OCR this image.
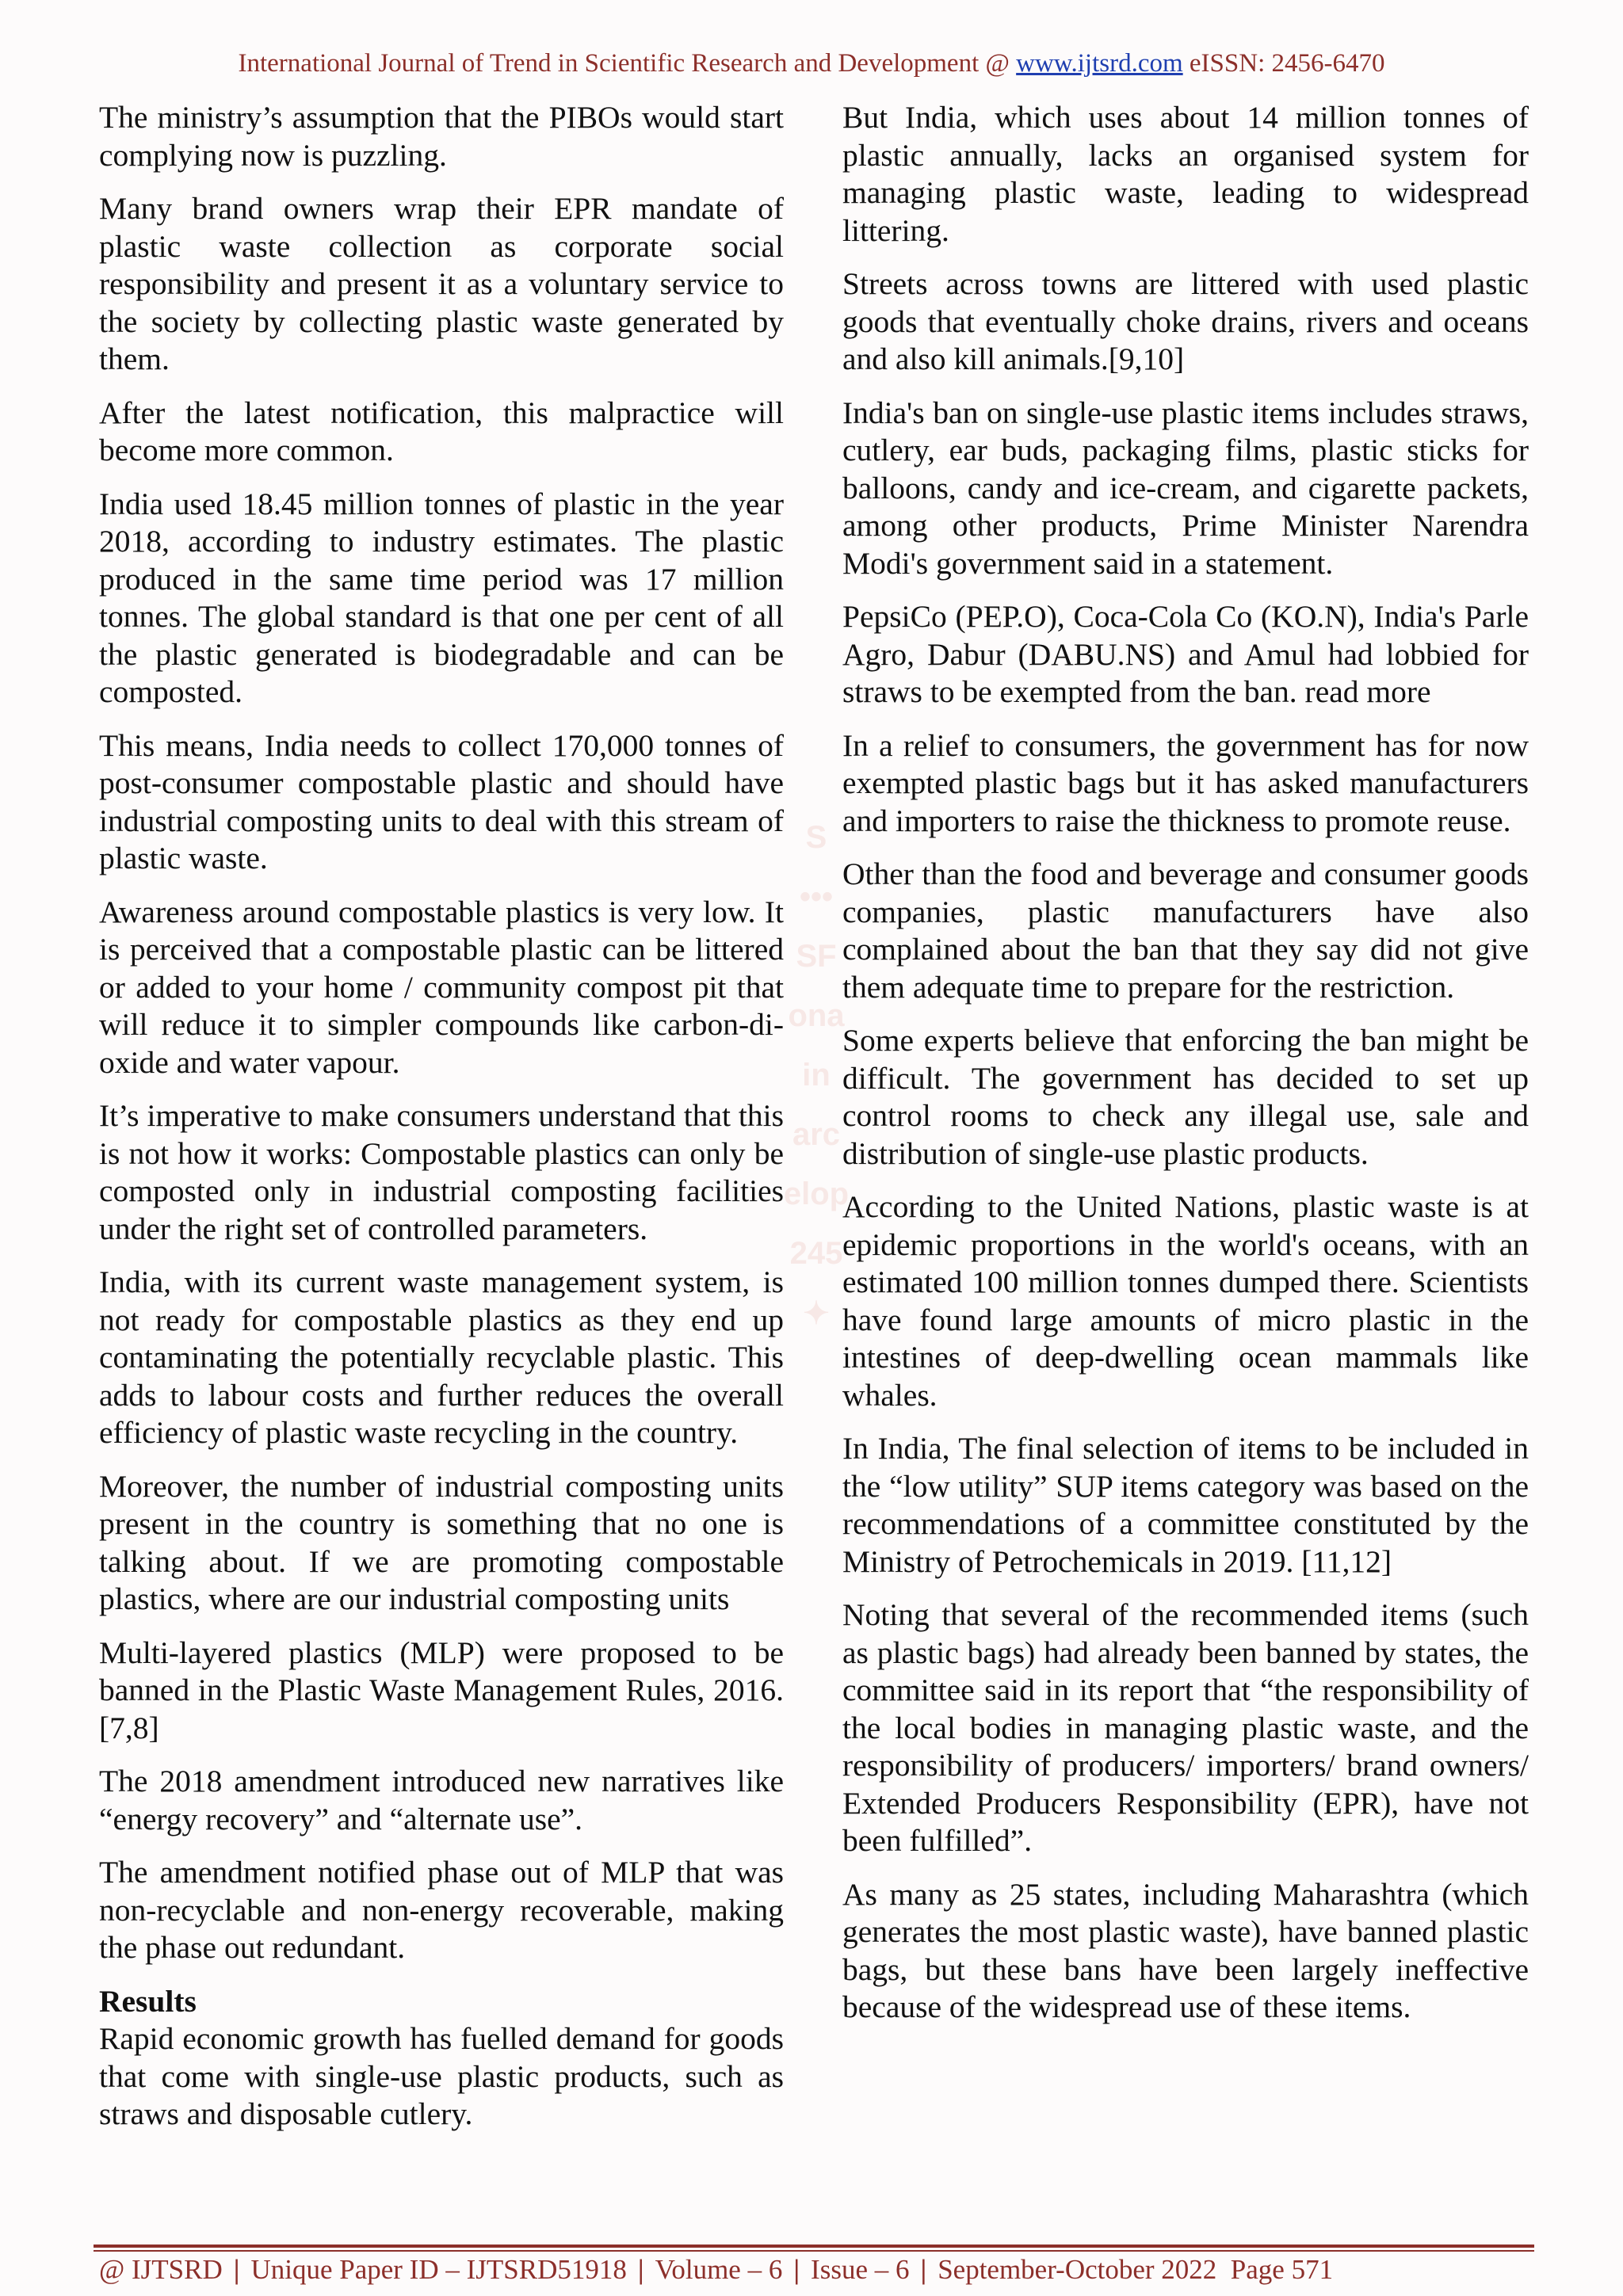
International Journal of Trend in Scientific Research and Development @ www.ijtsrd.com eISSN: 2456-6470

The ministry’s assumption that the PIBOs would start complying now is puzzling.

Many brand owners wrap their EPR mandate of plastic waste collection as corporate social responsibility and present it as a voluntary service to the society by collecting plastic waste generated by them.

After the latest notification, this malpractice will become more common.

India used 18.45 million tonnes of plastic in the year 2018, according to industry estimates. The plastic produced in the same time period was 17 million tonnes. The global standard is that one per cent of all the plastic generated is biodegradable and can be composted.

This means, India needs to collect 170,000 tonnes of post-consumer compostable plastic and should have industrial composting units to deal with this stream of plastic waste.

Awareness around compostable plastics is very low. It is perceived that a compostable plastic can be littered or added to your home / community compost pit that will reduce it to simpler compounds like carbon-di-oxide and water vapour.

It’s imperative to make consumers understand that this is not how it works: Compostable plastics can only be composted only in industrial composting facilities under the right set of controlled parameters.

India, with its current waste management system, is not ready for compostable plastics as they end up contaminating the potentially recyclable plastic. This adds to labour costs and further reduces the overall efficiency of plastic waste recycling in the country.

Moreover, the number of industrial composting units present in the country is something that no one is talking about. If we are promoting compostable plastics, where are our industrial composting units

Multi-layered plastics (MLP) were proposed to be banned in the Plastic Waste Management Rules, 2016. [7,8]

The 2018 amendment introduced new narratives like “energy recovery” and “alternate use”.

The amendment notified phase out of MLP that was non-recyclable and non-energy recoverable, making the phase out redundant.

Results

Rapid economic growth has fuelled demand for goods that come with single-use plastic products, such as straws and disposable cutlery.

But India, which uses about 14 million tonnes of plastic annually, lacks an organised system for managing plastic waste, leading to widespread littering.

Streets across towns are littered with used plastic goods that eventually choke drains, rivers and oceans and also kill animals.[9,10]

India's ban on single-use plastic items includes straws, cutlery, ear buds, packaging films, plastic sticks for balloons, candy and ice-cream, and cigarette packets, among other products, Prime Minister Narendra Modi's government said in a statement.

PepsiCo (PEP.O), Coca-Cola Co (KO.N), India's Parle Agro, Dabur (DABU.NS) and Amul had lobbied for straws to be exempted from the ban. read more

In a relief to consumers, the government has for now exempted plastic bags but it has asked manufacturers and importers to raise the thickness to promote reuse.

Other than the food and beverage and consumer goods companies, plastic manufacturers have also complained about the ban that they say did not give them adequate time to prepare for the restriction.

Some experts believe that enforcing the ban might be difficult. The government has decided to set up control rooms to check any illegal use, sale and distribution of single-use plastic products.

According to the United Nations, plastic waste is at epidemic proportions in the world's oceans, with an estimated 100 million tonnes dumped there. Scientists have found large amounts of micro plastic in the intestines of deep-dwelling ocean mammals like whales.

In India, The final selection of items to be included in the “low utility” SUP items category was based on the recommendations of a committee constituted by the Ministry of Petrochemicals in 2019. [11,12]

Noting that several of the recommended items (such as plastic bags) had already been banned by states, the committee said in its report that “the responsibility of the local bodies in managing plastic waste, and the responsibility of producers/ importers/ brand owners/ Extended Producers Responsibility (EPR), have not been fulfilled”.

As many as 25 states, including Maharashtra (which generates the most plastic waste), have banned plastic bags, but these bans have been largely ineffective because of the widespread use of these items.

S
•••
SF
ona
in
arc
elop
245
✦
@ IJTSRD | Unique Paper ID – IJTSRD51918 | Volume – 6 | Issue – 6 | September-October 2022  Page 571
